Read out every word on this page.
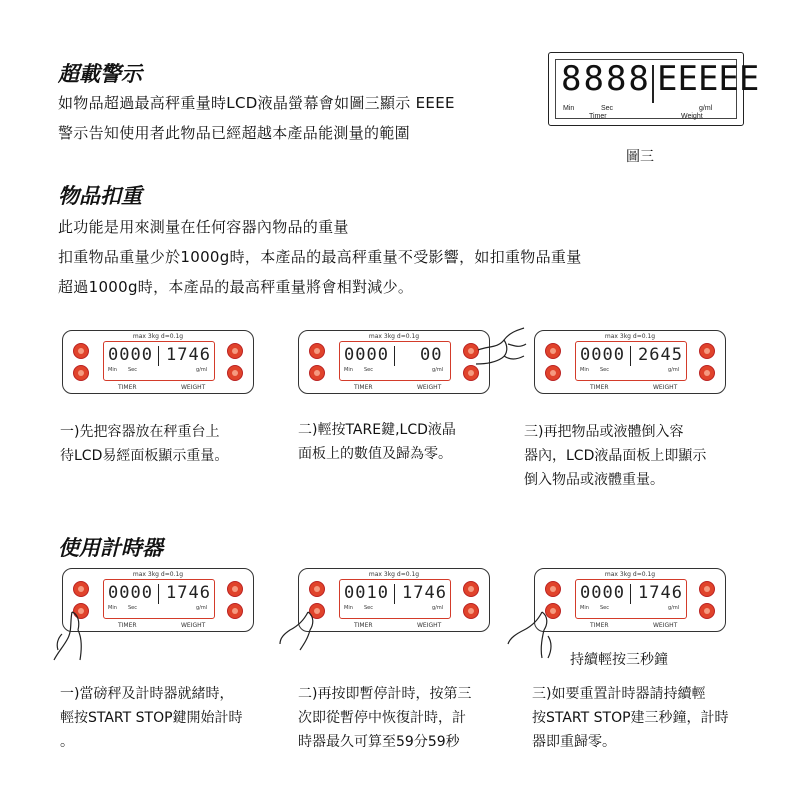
超載警示
如物品超過最高秤重量時LCD液晶螢幕會如圖三顯示 EEEE
警示告知使用者此物品已經超越本產品能測量的範圍
8888 EEEEE
Min	Sec
Timer
g/ml
Weight
圖三
物品扣重
此功能是用來測量在任何容器內物品的重量
扣重物品重量少於1000g時，本產品的最高秤重量不受影響，如扣重物品重量
超過1000g時，本產品的最高秤重量將會相對減少。
max 3kg d=0.1g
0000 1746
Min Sec	g/ml
TIMER	WEIGHT
max 3kg d=0.1g
0000 00
Min Sec	g/ml
TIMER	WEIGHT
max 3kg d=0.1g
0000 2645
Min Sec	g/ml
TIMER	WEIGHT
一)先把容器放在秤重台上
待LCD易經面板顯示重量。
二)輕按TARE鍵,LCD液晶
面板上的數值及歸為零。
三)再把物品或液體倒入容
器內，LCD液晶面板上即顯示
倒入物品或液體重量。
使用計時器
max 3kg d=0.1g
0000 1746
Min Sec	g/ml
TIMER	WEIGHT
max 3kg d=0.1g
0010 1746
Min Sec	g/ml
TIMER	WEIGHT
max 3kg d=0.1g
0000 1746
Min Sec	g/ml
TIMER	WEIGHT
持續輕按三秒鐘
一)當磅秤及計時器就緒時，
輕按START STOP鍵開始計時
。
二)再按即暫停計時，按第三
次即從暫停中恢復計時，計
時器最久可算至59分59秒
三)如要重置計時器請持續輕
按START STOP建三秒鐘，計時
器即重歸零。
